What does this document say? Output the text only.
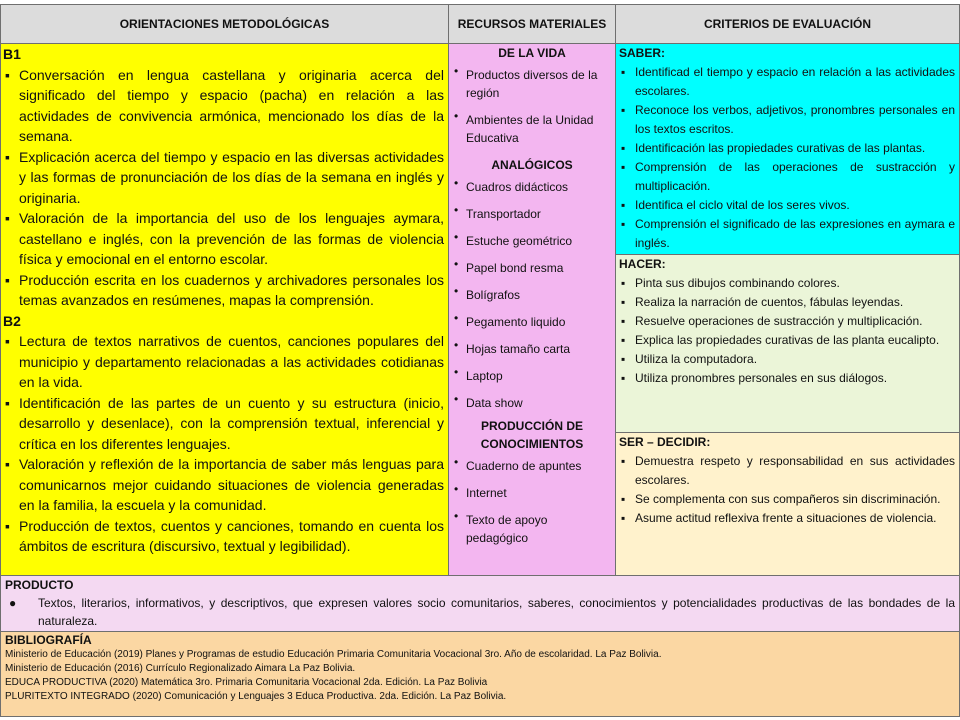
ORIENTACIONES METODOLÓGICAS	RECURSOS MATERIALES	CRITERIOS DE EVALUACIÓN
B1
▪ Conversación en lengua castellana y originaria acerca del significado del tiempo y espacio (pacha) en relación a las actividades de convivencia armónica, mencionado los días de la semana.
▪ Explicación acerca del tiempo y espacio en las diversas actividades y las formas de pronunciación de los días de la semana en inglés y originaria.
▪ Valoración de la importancia del uso de los lenguajes aymara, castellano e inglés, con la prevención de las formas de violencia física y emocional en el entorno escolar.
▪ Producción escrita en los cuadernos y archivadores personales los temas avanzados en resúmenes, mapas la comprensión.
B2
▪ Lectura de textos narrativos de cuentos, canciones populares del municipio y departamento relacionadas a las actividades cotidianas en la vida.
▪ Identificación de las partes de un cuento y su estructura (inicio, desarrollo y desenlace), con la comprensión textual, inferencial y crítica en los diferentes lenguajes.
▪ Valoración y reflexión de la importancia de saber más lenguas para comunicarnos mejor cuidando situaciones de violencia generadas en la familia, la escuela y la comunidad.
▪ Producción de textos, cuentos y canciones, tomando en cuenta los ámbitos de escritura (discursivo, textual y legibilidad).
DE LA VIDA
• Productos diversos de la región
• Ambientes de la Unidad Educativa
ANALÓGICOS
• Cuadros didácticos
• Transportador
• Estuche geométrico
• Papel bond resma
• Bolígrafos
• Pegamento liquido
• Hojas tamaño carta
• Laptop
• Data show
PRODUCCIÓN DE CONOCIMIENTOS
• Cuaderno de apuntes
• Internet
• Texto de apoyo pedagógico
SABER:
▪ Identificad el tiempo y espacio en relación a las actividades escolares.
▪ Reconoce los verbos, adjetivos, pronombres personales en los textos escritos.
▪ Identificación las propiedades curativas de las plantas.
▪ Comprensión de las operaciones de sustracción y multiplicación.
▪ Identifica el ciclo vital de los seres vivos.
▪ Comprensión el significado de las expresiones en aymara e inglés.
HACER:
▪ Pinta sus dibujos combinando colores.
▪ Realiza la narración de cuentos, fábulas leyendas.
▪ Resuelve operaciones de sustracción y multiplicación.
▪ Explica las propiedades curativas de las planta eucalipto.
▪ Utiliza la computadora.
▪ Utiliza pronombres personales en sus diálogos.
SER – DECIDIR:
▪ Demuestra respeto y responsabilidad en sus actividades escolares.
▪ Se complementa con sus compañeros sin discriminación.
▪ Asume actitud reflexiva frente a situaciones de violencia.
PRODUCTO
● Textos, literarios, informativos, y descriptivos, que expresen valores socio comunitarios, saberes, conocimientos y potencialidades productivas de las bondades de la naturaleza.
BIBLIOGRAFÍA
Ministerio de Educación (2019) Planes y Programas de estudio Educación Primaria Comunitaria Vocacional 3ro. Año de escolaridad. La Paz Bolivia.
Ministerio de Educación (2016) Currículo Regionalizado Aimara La Paz Bolivia.
EDUCA PRODUCTIVA (2020) Matemática 3ro. Primaria Comunitaria Vocacional 2da. Edición. La Paz Bolivia
PLURITEXTO INTEGRADO (2020) Comunicación y Lenguajes 3 Educa Productiva. 2da. Edición. La Paz Bolivia.
